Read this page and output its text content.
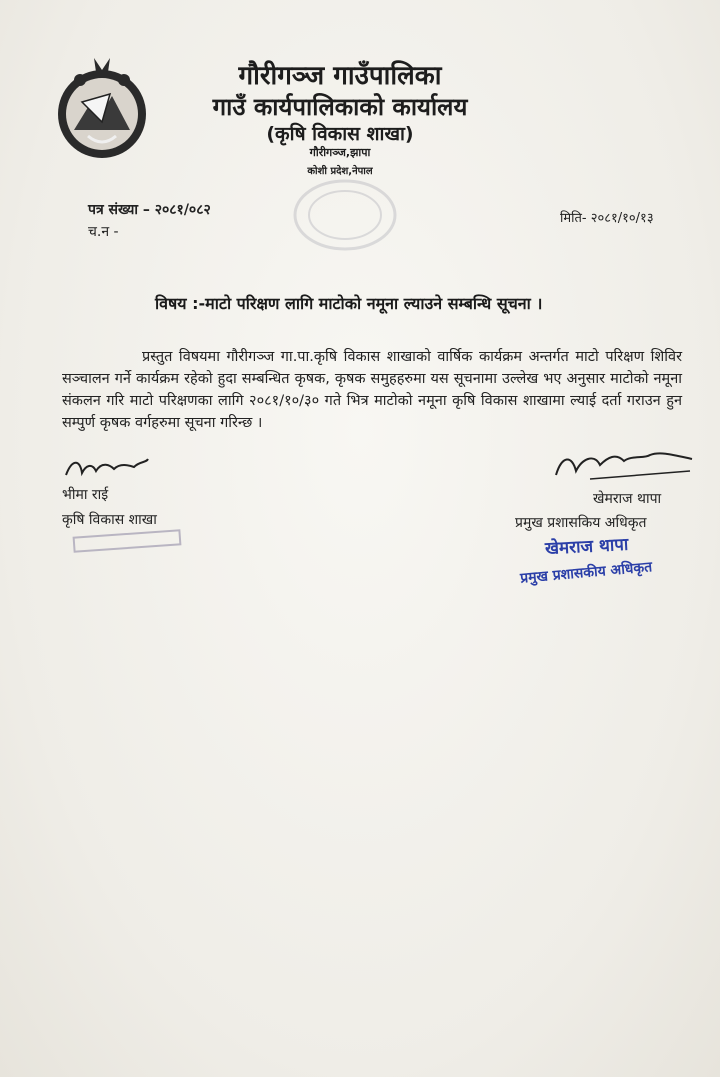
गौरीगञ्ज गाउँपालिका
गाउँ कार्यपालिकाको कार्यालय
(कृषि विकास शाखा)
गौरीगञ्ज,झापा
कोशी प्रदेश,नेपाल
पत्र संख्या – २०८१/०८२
च.न -
मिति- २०८१/१०/१३
विषय :-माटो परिक्षण लागि माटोको नमूना ल्याउने सम्बन्धि सूचना ।
प्रस्तुत विषयमा गौरीगञ्ज गा.पा.कृषि विकास शाखाको वार्षिक कार्यक्रम अन्तर्गत माटो परिक्षण शिविर सञ्चालन गर्ने कार्यक्रम रहेको हुदा सम्बन्धित कृषक, कृषक समुहहरुमा यस सूचनामा उल्लेख भए अनुसार माटोको नमूना संकलन गरि माटो परिक्षणका लागि २०८१/१०/३० गते भित्र माटोको नमूना कृषि विकास शाखामा ल्याई दर्ता गराउन हुन सम्पुर्ण कृषक वर्गहरुमा सूचना गरिन्छ ।
भीमा राई
कृषि विकास शाखा
खेमराज थापा
प्रमुख प्रशासकिय अधिकृत
खेमराज थापा
प्रमुख प्रशासकीय अधिकृत
